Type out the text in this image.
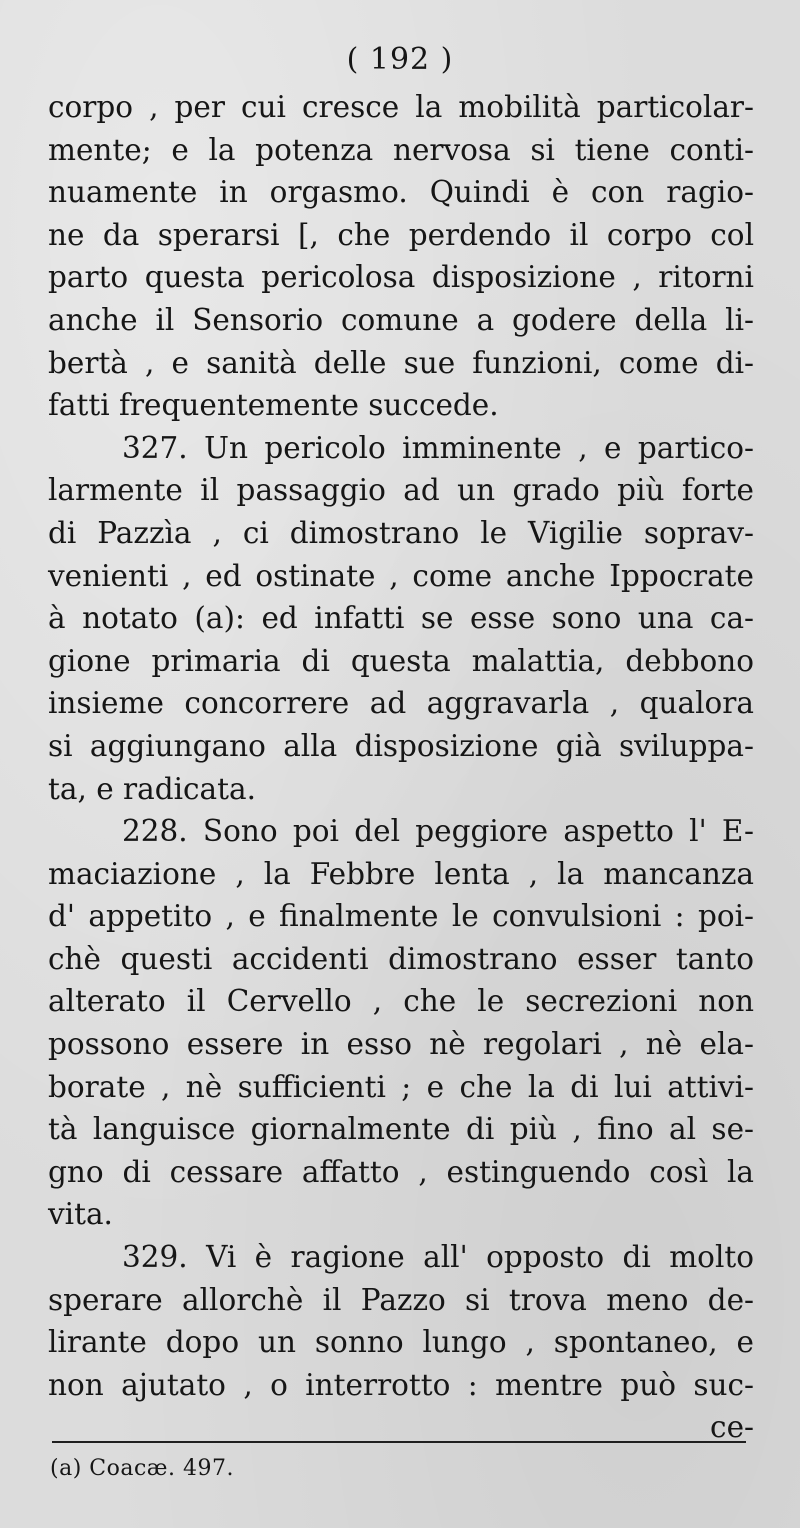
( 192 )
corpo , per cui cresce la mobilità particolar-
mente; e la potenza nervosa si tiene conti-
nuamente in orgasmo. Quindi è con ragio-
ne da sperarsi [, che perdendo il corpo col
parto questa pericolosa disposizione , ritorni
anche il Sensorio comune a godere della li-
bertà , e sanità delle sue funzioni, come di-
fatti frequentemente succede.
327. Un pericolo imminente , e partico-
larmente il passaggio ad un grado più forte
di Pazzìa , ci dimostrano le Vigilie soprav-
venienti , ed ostinate , come anche Ippocrate
à notato (a): ed infatti se esse sono una ca-
gione primaria di questa malattia, debbono
insieme concorrere ad aggravarla , qualora
si aggiungano alla disposizione già sviluppa-
ta, e radicata.
228. Sono poi del peggiore aspetto l' E-
maciazione , la Febbre lenta , la mancanza
d' appetito , e finalmente le convulsioni : poi-
chè questi accidenti dimostrano esser tanto
alterato il Cervello , che le secrezioni non
possono essere in esso nè regolari , nè ela-
borate , nè sufficienti ; e che la di lui attivi-
tà languisce giornalmente di più , fino al se-
gno di cessare affatto , estinguendo così la
vita.
329. Vi è ragione all' opposto di molto
sperare allorchè il Pazzo si trova meno de-
lirante dopo un sonno lungo , spontaneo, e
non ajutato , o interrotto : mentre può suc-
ce-
(a) Coacæ. 497.
